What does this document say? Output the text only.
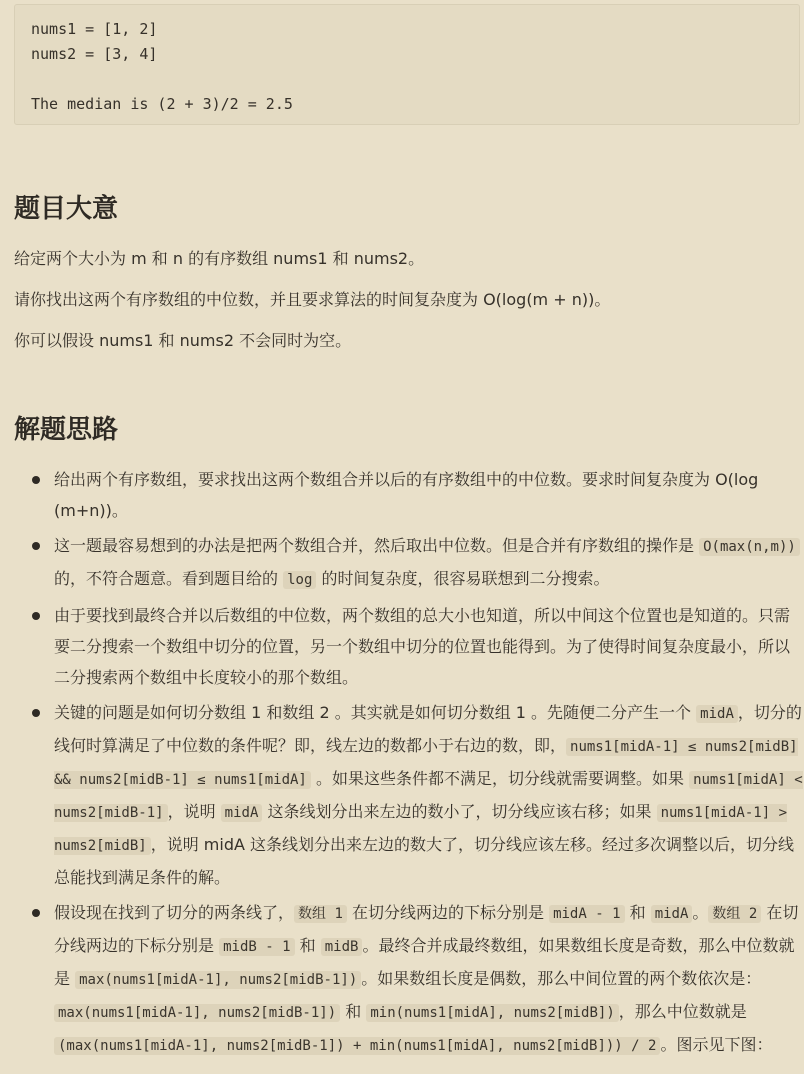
nums1 = [1, 2]
nums2 = [3, 4]
The median is (2 + 3)/2 = 2.5
题目大意

给定两个大小为 m 和 n 的有序数组 nums1 和 nums2。

请你找出这两个有序数组的中位数，并且要求算法的时间复杂度为 O(log(m + n))。

你可以假设 nums1 和 nums2 不会同时为空。

解题思路
给出两个有序数组，要求找出这两个数组合并以后的有序数组中的中位数。要求时间复杂度为 O(log (m+n))。
这一题最容易想到的办法是把两个数组合并，然后取出中位数。但是合并有序数组的操作是 O(max(n,m)) 的，不符合题意。看到题目给的 log 的时间复杂度，很容易联想到二分搜索。
由于要找到最终合并以后数组的中位数，两个数组的总大小也知道，所以中间这个位置也是知道的。只需要二分搜索一个数组中切分的位置，另一个数组中切分的位置也能得到。为了使得时间复杂度最小，所以二分搜索两个数组中长度较小的那个数组。
关键的问题是如何切分数组 1 和数组 2 。其实就是如何切分数组 1 。先随便二分产生一个 midA ，切分的线何时算满足了中位数的条件呢？即，线左边的数都小于右边的数，即， nums1[midA-1] ≤ nums2[midB] && nums2[midB-1] ≤ nums1[midA] 。如果这些条件都不满足，切分线就需要调整。如果 nums1[midA] < nums2[midB-1] ，说明 midA 这条线划分出来左边的数小了，切分线应该右移；如果 nums1[midA-1] > nums2[midB] ，说明 midA 这条线划分出来左边的数大了，切分线应该左移。经过多次调整以后，切分线总能找到满足条件的解。
假设现在找到了切分的两条线了， 数组 1 在切分线两边的下标分别是 midA - 1 和 midA 。 数组 2 在切分线两边的下标分别是 midB - 1 和 midB 。最终合并成最终数组，如果数组长度是奇数，那么中位数就是 max(nums1[midA-1], nums2[midB-1]) 。如果数组长度是偶数，那么中间位置的两个数依次是：max(nums1[midA-1], nums2[midB-1]) 和 min(nums1[midA], nums2[midB]) ，那么中位数就是 (max(nums1[midA-1], nums2[midB-1]) + min(nums1[midA], nums2[midB])) / 2 。图示见下图：
